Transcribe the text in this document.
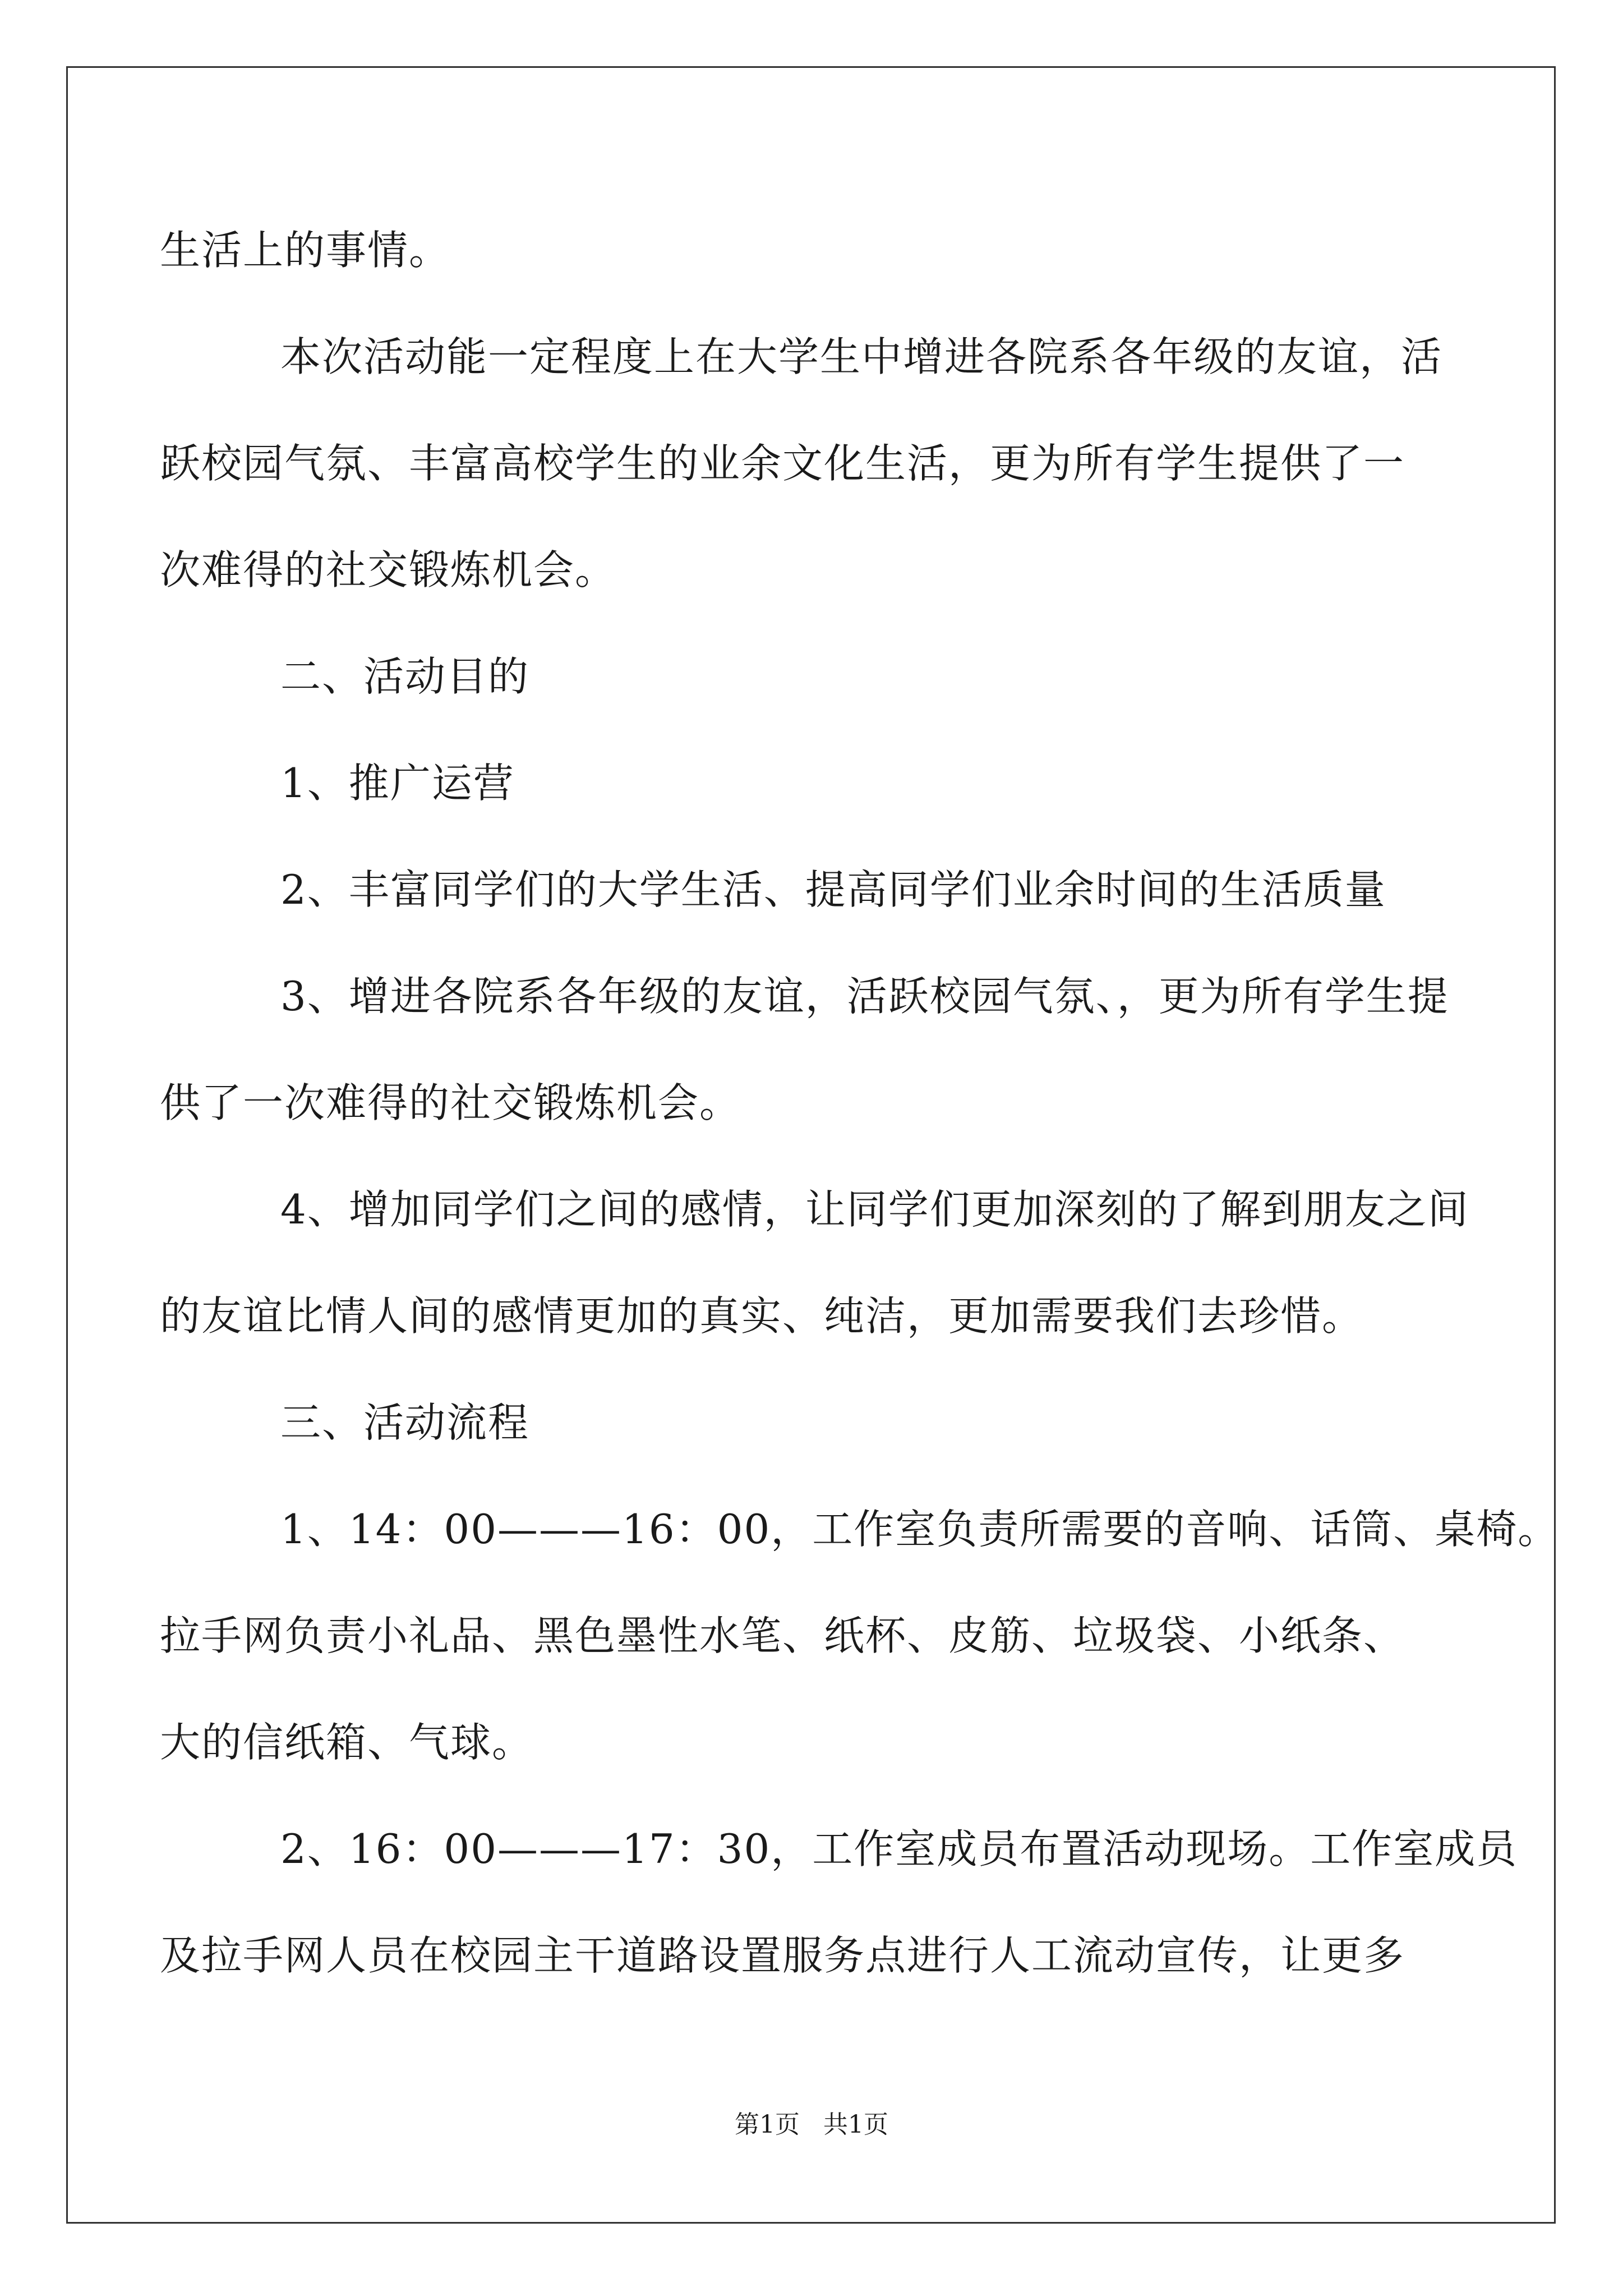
生活上的事情。
本次活动能一定程度上在大学生中增进各院系各年级的友谊，活
跃校园气氛、丰富高校学生的业余文化生活，更为所有学生提供了一
次难得的社交锻炼机会。
二、活动目的
1、推广运营
2、丰富同学们的大学生活、提高同学们业余时间的生活质量
3、增进各院系各年级的友谊，活跃校园气氛、，更为所有学生提
供了一次难得的社交锻炼机会。
4、增加同学们之间的感情，让同学们更加深刻的了解到朋友之间
的友谊比情人间的感情更加的真实、纯洁，更加需要我们去珍惜。
三、活动流程
1、14：00———16：00，工作室负责所需要的音响、话筒、桌椅。
拉手网负责小礼品、黑色墨性水笔、纸杯、皮筋、垃圾袋、小纸条、
大的信纸箱、气球。
2、16：00———17：30，工作室成员布置活动现场。工作室成员
及拉手网人员在校园主干道路设置服务点进行人工流动宣传，让更多
第1页   共1页
